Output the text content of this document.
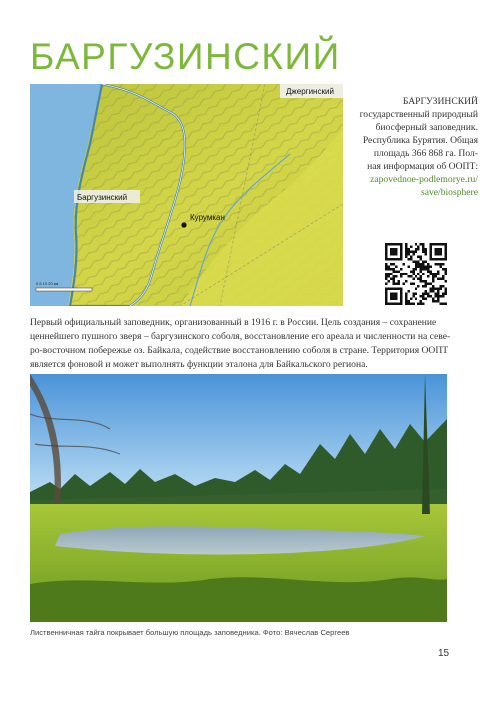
БАРГУЗИНСКИЙ
Джергинский
Баргузинский
Курумкан
0 5 10 20 км
БАРГУЗИНСКИЙ
государственный природный
биосферный заповедник.
Республика Бурятия. Общая
площадь 366 868 га. Пол-
ная информация об ООПТ:
zapovednoe-podlemorye.ru/
save/biosphere
Первый официальный заповедник, организованный в 1916 г. в России. Цель создания – сохранение
ценнейшего пушного зверя – баргузинского соболя, восстановление его ареала и численности на севе-
ро-восточном побережье оз. Байкала, содействие восстановлению соболя в стране. Территория ООПТ
является фоновой и может выполнять функции эталона для Байкальского региона.
Лиственничная тайга покрывает большую площадь заповедника. Фото: Вячеслав Сергеев
15
